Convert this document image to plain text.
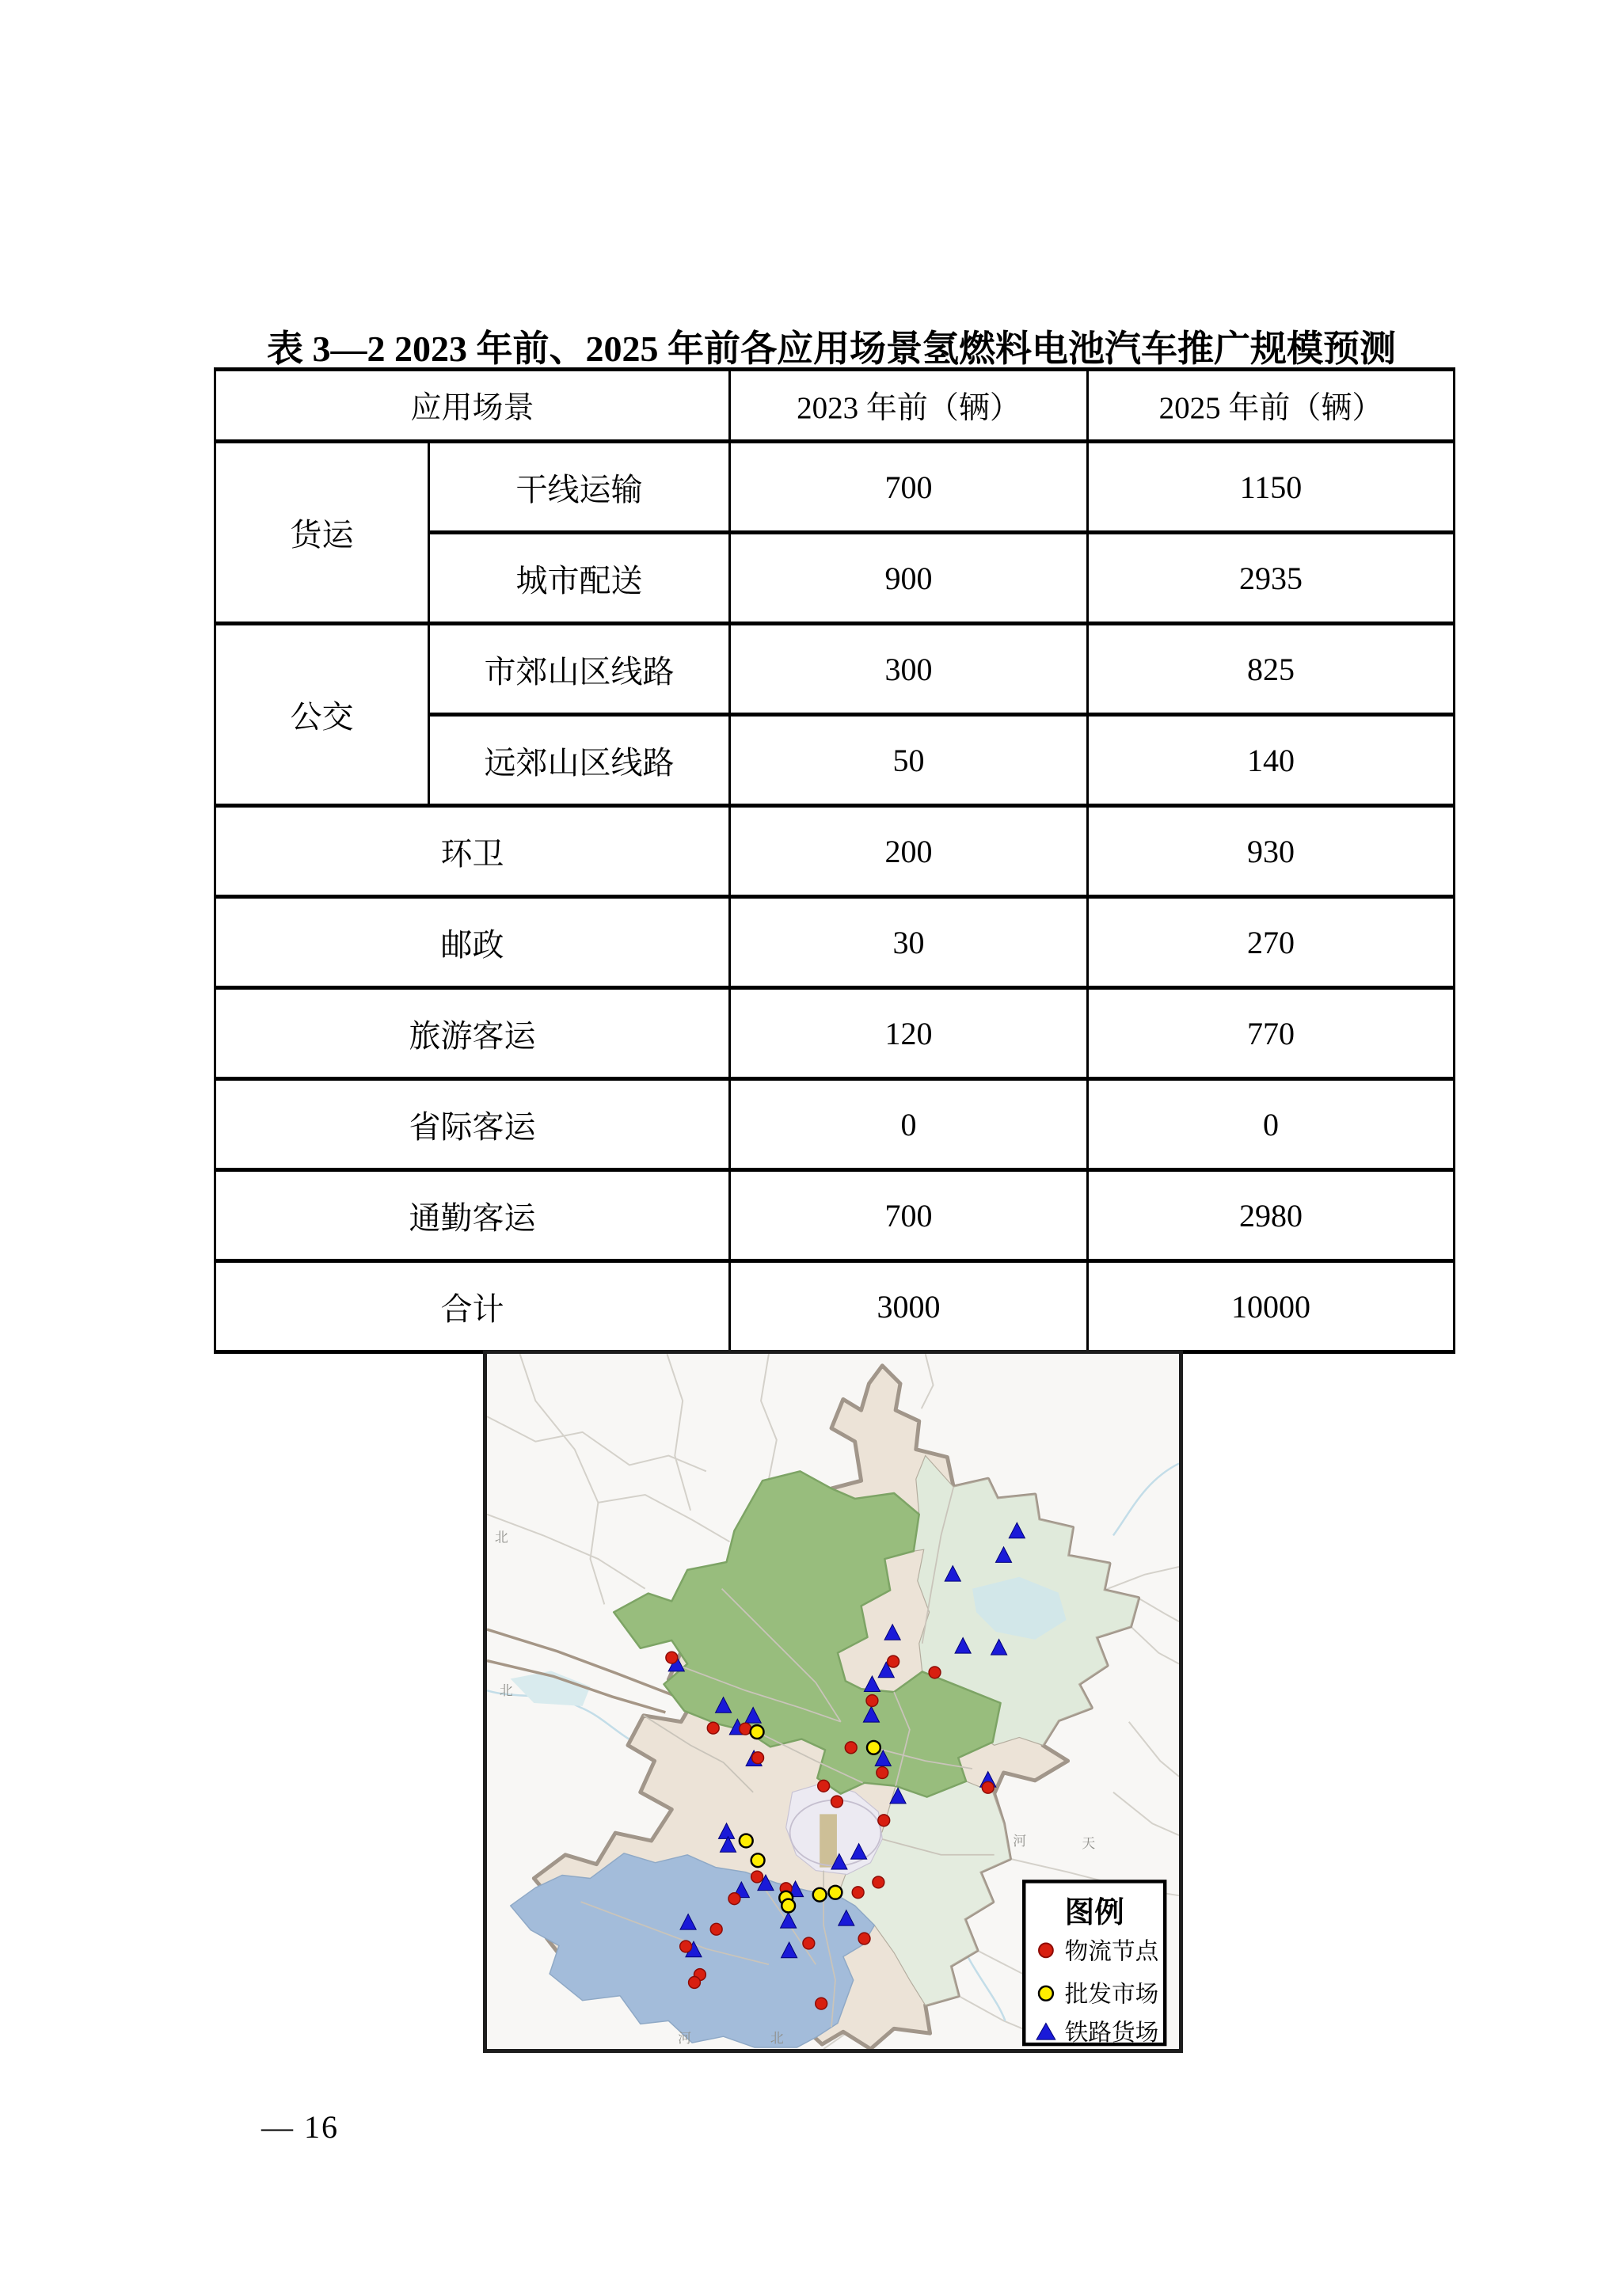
表 3—2 2023 年前、2025 年前各应用场景氢燃料电池汽车推广规模预测
应用场景		2023 年前（辆）	2025 年前（辆）
货运	干线运输	700	1150
	城市配送	900	2935
公交	市郊山区线路	300	825
	远郊山区线路	50	140
环卫		200	930
邮政		30	270
旅游客运		120	770
省际客运		0	0
通勤客运		700	2980
合计		3000	10000
北
北
河	天
河	北
图例
物流节点
批发市场
铁路货场
— 16
